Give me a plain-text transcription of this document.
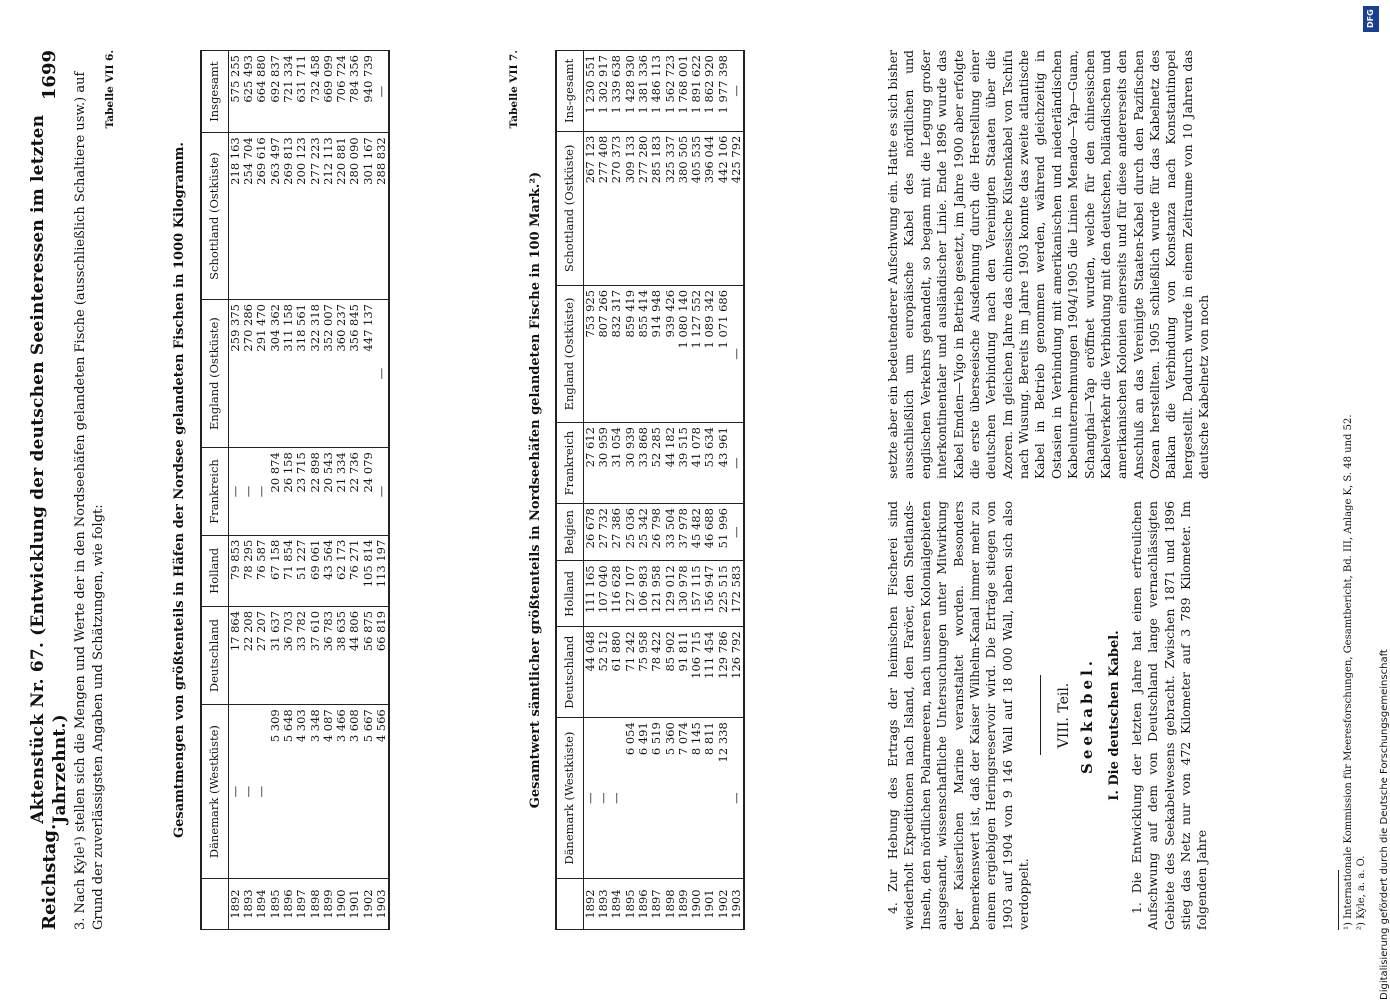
Reichstag.
Aktenstück Nr. 67. (Entwicklung der deutschen Seeinteressen im letzten Jahrzehnt.)
1699 3. Nach Kyle¹) stellen sich die Mengen und Werte der in den Nordseehäfen gelandeten Fische (ausschließlich Schaltiere usw.) auf Grund der zuverlässigsten Angaben und Schätzungen, wie folgt:
Tabelle VII 6.
Gesamtmengen von größtenteils in Häfen der Nordsee gelandeten Fischen in 1000 Kilogramm.
	Dänemark (Westküste)	Deutschland	Holland	Frankreich	England (Ostküste)	Schottland (Ostküste)	Insgesamt
1892	—	17 864	79 853	—	259 375	218 163	575 255
1893	—	22 208	78 295	—	270 286	254 704	625 493
1894	—	27 207	76 587	—	291 470	269 616	664 880
1895	5 309	31 637	67 158	20 874	304 362	263 497	692 837
1896	5 648	36 703	71 854	26 158	311 158	269 813	721 334
1897	4 303	33 782	51 227	23 715	318 561	200 123	631 711
1898	3 348	37 610	69 061	22 898	322 318	277 223	732 458
1899	4 087	36 783	43 564	20 543	352 007	212 113	669 099
1900	3 466	38 635	62 173	21 334	360 237	220 881	706 724
1901	3 608	44 806	76 271	22 736	356 845	280 090	784 356
1902	5 667	56 875	105 814	24 079	447 137	301 167	940 739
1903	4 566	66 819	113 197	—	—	288 832	—	Tabelle VII 7.
Gesamtwert sämtlicher größtenteils in Nordseehäfen gelandeten Fische in 100 Mark.²)
	Dänemark (Westküste)	Deutschland	Holland	Belgien	Frankreich	England (Ostküste)	Schottland (Ostküste)	Ins-gesamt
1892	—	44 048	111 165	26 678	27 612	753 925	267 123	1 230 551
1893	—	52 512	107 040	27 732	30 959	807 266	277 408	1 302 917
1894	—	61 880	116 628	27 386	31 054	832 317	270 373	1 339 638
1895	6 054	71 242	127 107	25 036	30 939	859 419	309 133	1 428 930
1896	6 491	75 958	106 983	25 342	33 868	855 414	277 280	1 381 336
1897	6 519	78 422	121 958	26 798	52 285	914 948	285 183	1 486 113
1898	5 360	85 902	129 012	33 504	44 182	939 426	325 337	1 562 723
1899	7 074	91 811	130 978	37 978	39 515	1 080 140	380 505	1 768 001
1900	8 145	106 715	157 115	45 482	41 078	1 127 552	405 535	1 891 622
1901	8 811	111 454	156 947	46 688	53 634	1 089 342	396 044	1 862 920
1902	12 338	129 786	225 515	51 996	43 961	1 071 686	442 106	1 977 398
1903	—	126 792	172 583	—	—	—	425 792	—

4. Zur Hebung des Ertrags der heimischen Fischerei sind wiederholt Expeditionen nach Island, den Faröer, den Shetlands-Inseln, den nördlichen Polarmeeren, nach unseren Kolonialgebieten ausgesandt, wissenschaftliche Untersuchungen unter Mitwirkung der Kaiserlichen Marine veranstaltet worden. Besonders bemerkenswert ist, daß der Kaiser Wilhelm-Kanal immer mehr zu einem ergiebigen Heringsreservoir wird. Die Erträge stiegen von 1903 auf 1904 von 9 146 Wall auf 18 000 Wall, haben sich also verdoppelt.

VIII. Teil. Seekabel. I. Die deutschen Kabel. 1. Die Entwicklung der letzten Jahre hat einen erfreulichen Aufschwung auf dem von Deutschland lange vernachlässigten Gebiete des Seekabelwesens gebracht. Zwischen 1871 und 1896 stieg das Netz nur von 472 Kilometer auf 3 789 Kilometer. Im folgenden Jahre

setzte aber ein bedeutenderer Aufschwung ein. Hatte es sich bisher ausschließlich um europäische Kabel des nördlichen und englischen Verkehrs gehandelt, so begann mit die Legung großer interkontinentaler und ausländischer Linie. Ende 1896 wurde das Kabel Emden—Vigo in Betrieb gesetzt, im Jahre 1900 aber erfolgte die erste überseeische Ausdehnung durch die Herstellung einer deutschen Verbindung nach den Vereinigten Staaten über die Azoren. Im gleichen Jahre das chinesische Küstenkabel von Tschifu nach Wusung. Bereits im Jahre 1903 konnte das zweite atlantische Kabel in Betrieb genommen werden, während gleichzeitig in Ostasien in Verbindung mit amerikanischen und niederländischen Kabelunternehmungen 1904/1905 die Linien Menado—Yap—Guam, Schanghai—Yap eröffnet wurden, welche für den chinesischen Kabelverkehr die Verbindung mit den deutschen, holländischen und amerikanischen Kolonien einerseits und für diese andererseits den Anschluß an das Vereinigte Staaten-Kabel durch den Pazifischen Ozean herstellten. 1905 schließlich wurde für das Kabelnetz des Balkan die Verbindung von Konstanza nach Konstantinopel hergestellt. Dadurch wurde in einem Zeitraume von 10 Jahren das deutsche Kabelnetz von noch

¹) Internationale Kommission für Meeresforschungen, Gesamtbericht, Bd. III, Anlage K, S. 48 und 52. ²) Kyle, a. a. O.
DFG
Digitalisierung gefördert durch die Deutsche Forschungsgemeinschaft
